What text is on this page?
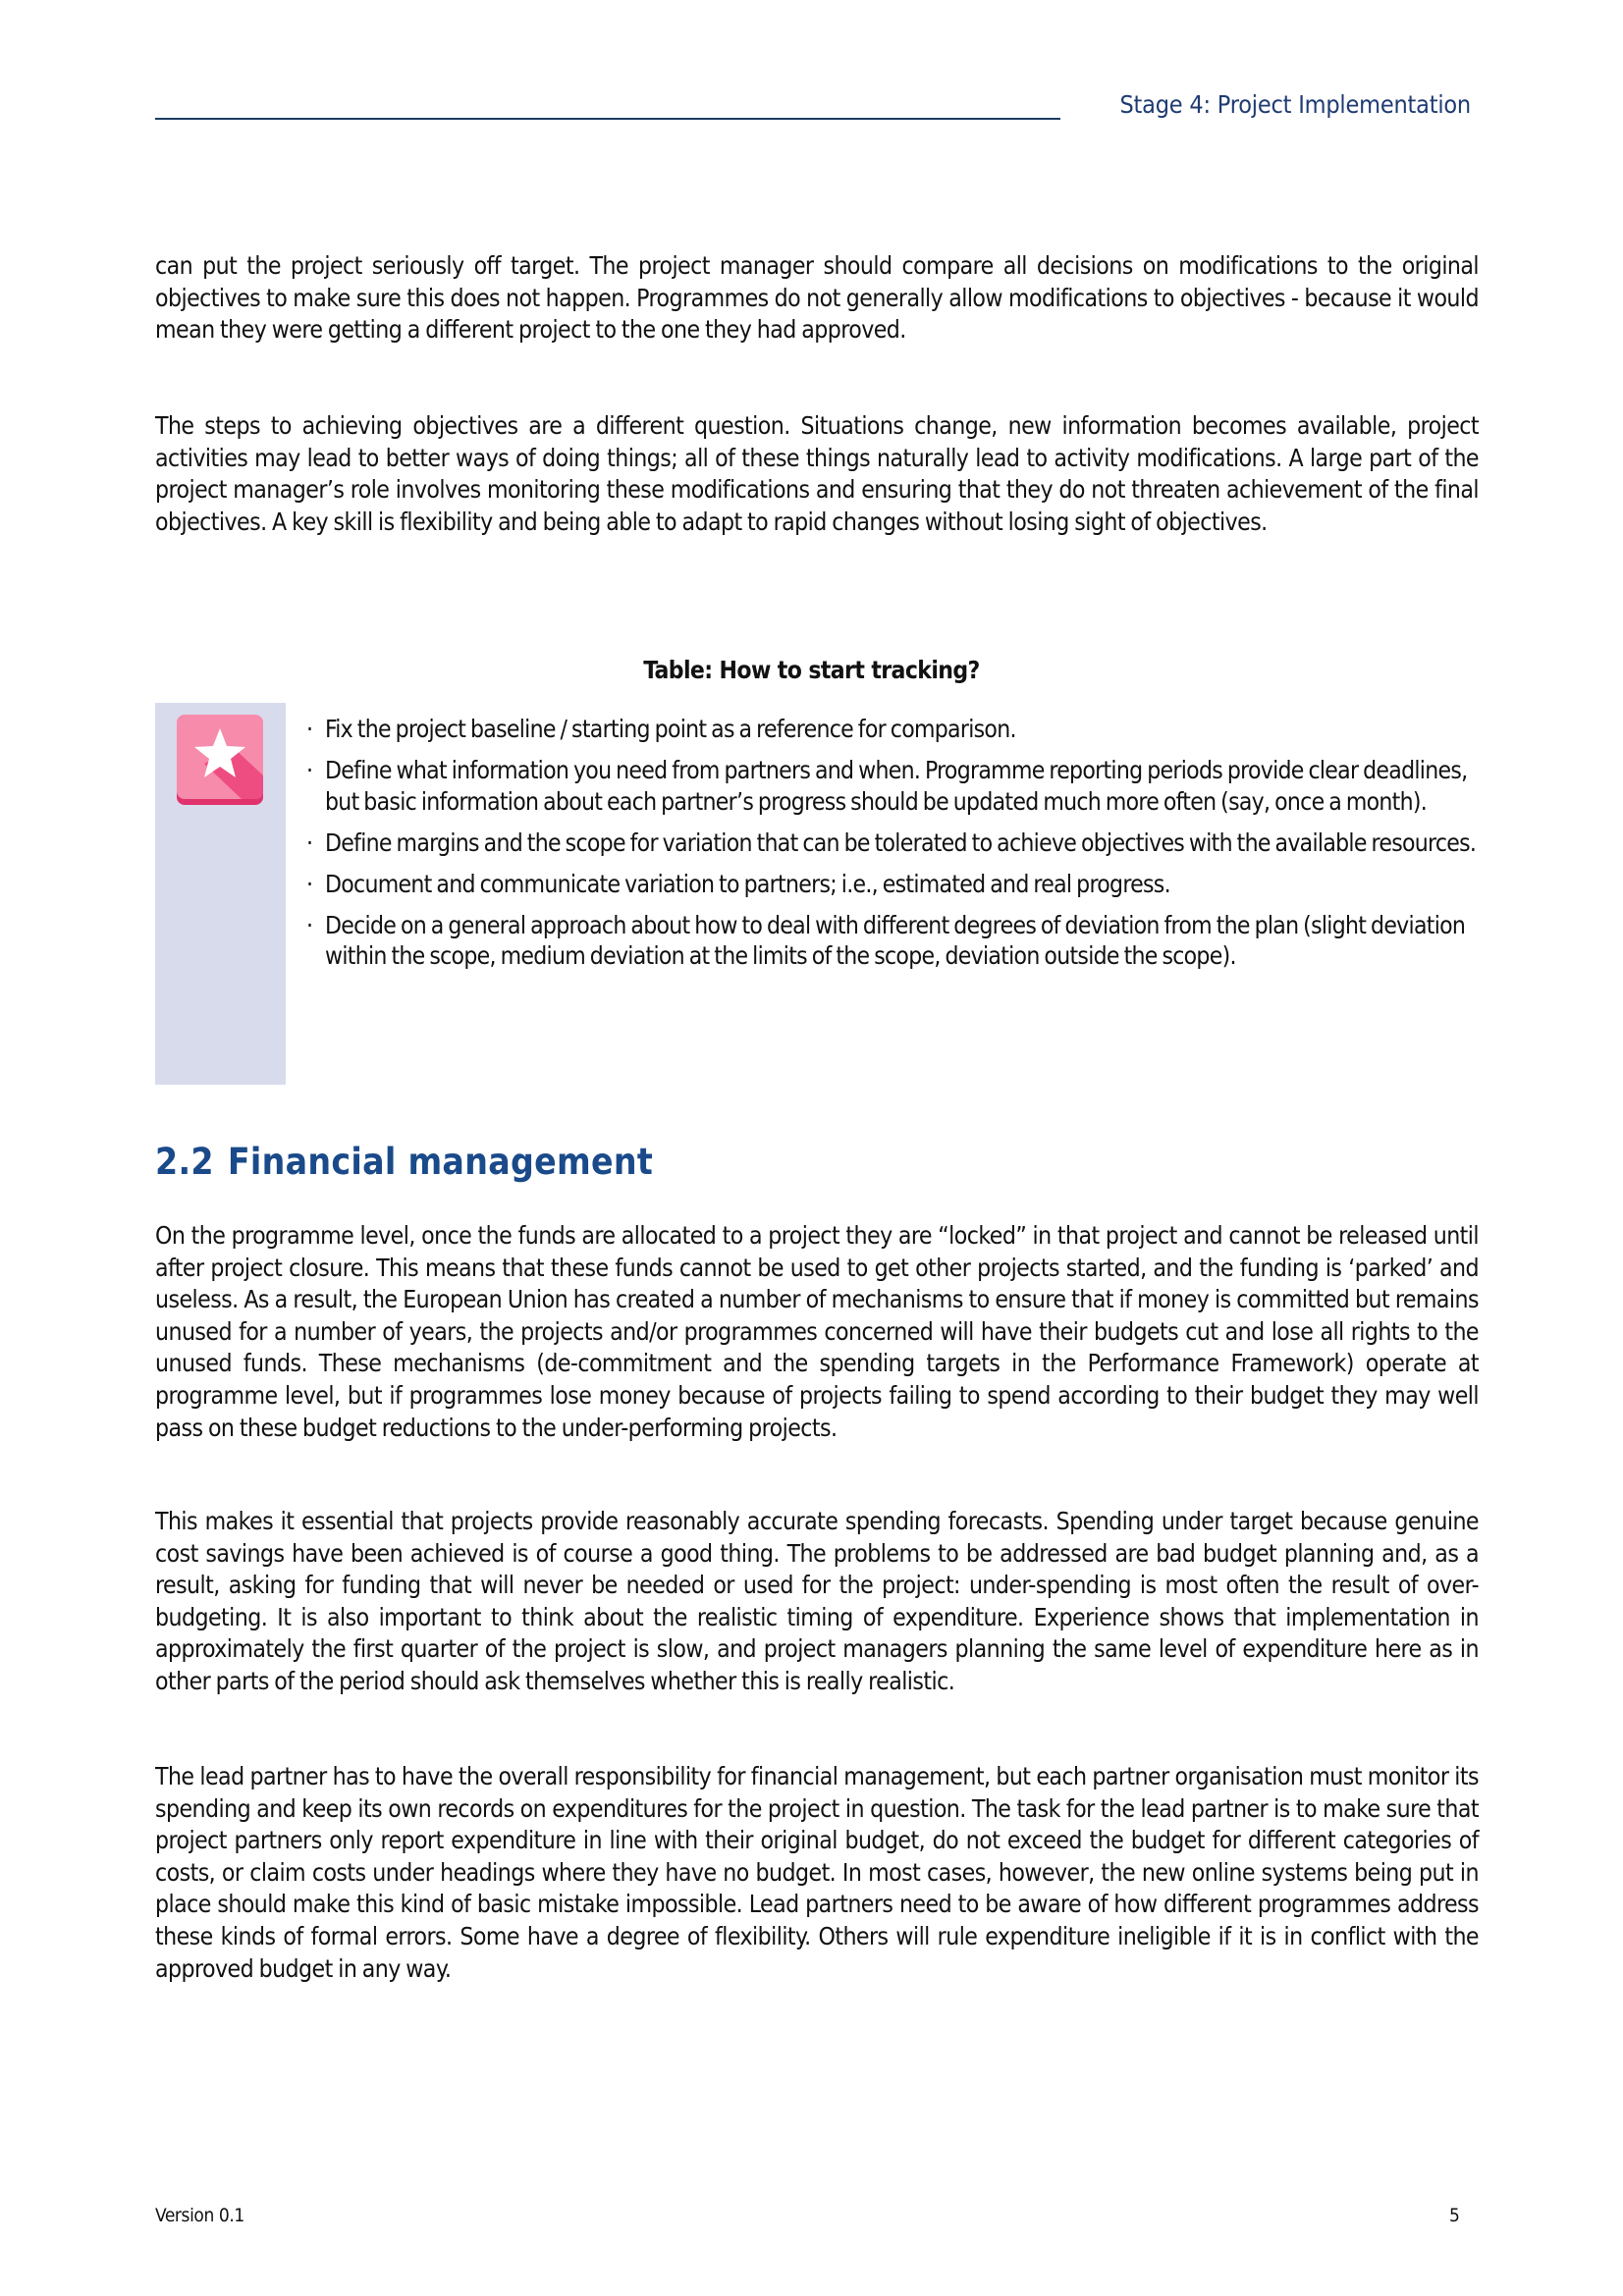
Stage 4: Project Implementation

can put the project seriously off target. The project manager should compare all decisions on modifications to the original objectives to make sure this does not happen. Programmes do not generally allow modifications to objectives - because it would mean they were getting a different project to the one they had approved.

The steps to achieving objectives are a different question. Situations change, new information becomes available, project activities may lead to better ways of doing things; all of these things naturally lead to activity modifications. A large part of the project manager’s role involves monitoring these modifications and ensuring that they do not threaten achievement of the final objectives. A key skill is flexibility and being able to adapt to rapid changes without losing sight of objectives.

Table: How to start tracking?
· Fix the project baseline / starting point as a reference for comparison.
· Define what information you need from partners and when. Programme reporting periods provide clear deadlines, but basic information about each partner’s progress should be updated much more often (say, once a month).
· Define margins and the scope for variation that can be tolerated to achieve objectives with the available resources.
· Document and communicate variation to partners; i.e., estimated and real progress.
· Decide on a general approach about how to deal with different degrees of deviation from the plan (slight deviation within the scope, medium deviation at the limits of the scope, deviation outside the scope).
2.2 Financial management

On the programme level, once the funds are allocated to a project they are “locked” in that project and cannot be released until after project closure. This means that these funds cannot be used to get other projects started, and the funding is ‘parked’ and useless. As a result, the European Union has created a number of mechanisms to ensure that if money is committed but remains unused for a number of years, the projects and/or programmes concerned will have their budgets cut and lose all rights to the unused funds. These mechanisms (de-commitment and the spending targets in the Performance Framework) operate at programme level, but if programmes lose money because of projects failing to spend according to their budget they may well pass on these budget reductions to the under-performing projects.

This makes it essential that projects provide reasonably accurate spending forecasts. Spending under target because genuine cost savings have been achieved is of course a good thing. The problems to be addressed are bad budget planning and, as a result, asking for funding that will never be needed or used for the project: under-spending is most often the result of over-budgeting. It is also important to think about the realistic timing of expenditure. Experience shows that implementation in approximately the first quarter of the project is slow, and project managers planning the same level of expenditure here as in other parts of the period should ask themselves whether this is really realistic.

The lead partner has to have the overall responsibility for financial management, but each partner organisation must monitor its spending and keep its own records on expenditures for the project in question. The task for the lead partner is to make sure that project partners only report expenditure in line with their original budget, do not exceed the budget for different categories of costs, or claim costs under headings where they have no budget. In most cases, however, the new online systems being put in place should make this kind of basic mistake impossible. Lead partners need to be aware of how different programmes address these kinds of formal errors. Some have a degree of flexibility. Others will rule expenditure ineligible if it is in conflict with the approved budget in any way.

Version 0.1	5
